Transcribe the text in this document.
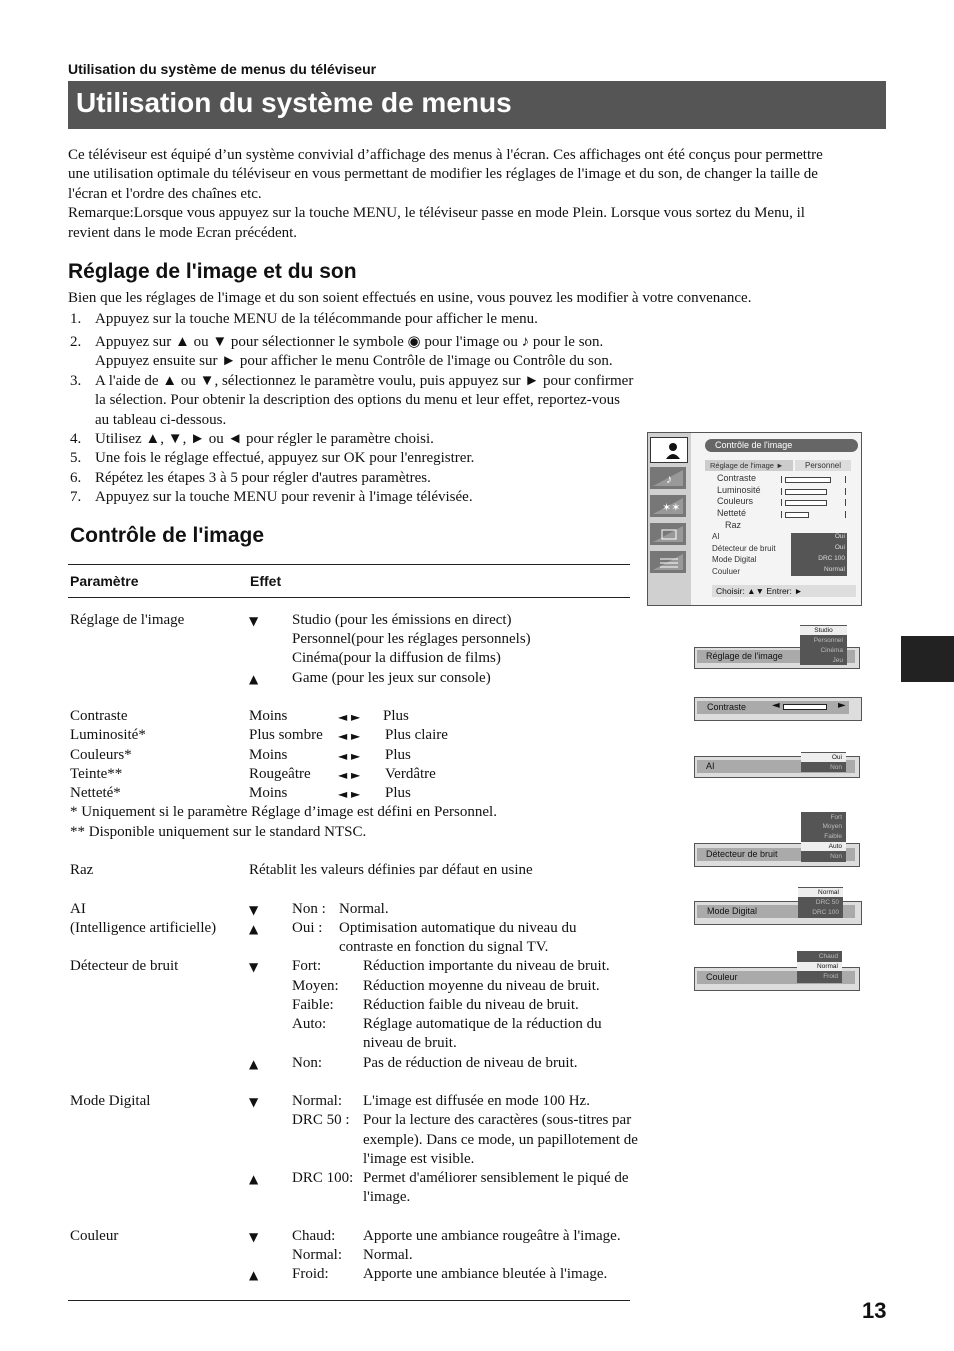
Utilisation du système de menus du téléviseur
Utilisation du système de menus
Ce téléviseur est équipé d’un système convivial d’affichage des menus à l'écran. Ces affichages ont été conçus pour permettre
une utilisation optimale du téléviseur en vous permettant de modifier les réglages de l'image et du son, de changer la taille de
l'écran et l'ordre des chaînes etc.
Remarque:Lorsque vous appuyez sur la touche MENU, le téléviseur passe en mode Plein. Lorsque vous sortez du Menu, il
revient dans le mode Ecran précédent.
Réglage de l'image et du son
Bien que les réglages de l'image et du son soient effectués en usine, vous pouvez les modifier à votre convenance.
1. Appuyez sur la touche MENU de la télécommande pour afficher le menu.
2. Appuyez sur ▲ ou ▼ pour sélectionner le symbole ◉ pour l'image ou ♪ pour le son.
Appuyez ensuite sur ► pour afficher le menu Contrôle de l'image ou Contrôle du son.
3. A l'aide de ▲ ou ▼, sélectionnez le paramètre voulu, puis appuyez sur ► pour confirmer
la sélection. Pour obtenir la description des options du menu et leur effet, reportez-vous
au tableau ci-dessous.
4. Utilisez ▲, ▼, ► ou ◄ pour régler le paramètre choisi.
5. Une fois le réglage effectué, appuyez sur OK pour l'enregistrer.
6. Répétez les étapes 3 à 5 pour régler d'autres paramètres.
7. Appuyez sur la touche MENU pour revenir à l'image télévisée.
Contrôle de l'image
Paramètre	Effet
Réglage de l'image	▼ Studio (pour les émissions en direct)
Personnel(pour les réglages personnels)
Cinéma(pour la diffusion de films)
▲ Game (pour les jeux sur console)
Contraste	Moins	◄ ► Plus
Luminosité*	Plus sombre ◄ ► Plus claire
Couleurs*	Moins	◄ ► Plus
Teinte**	Rougeâtre ◄ ► Verdâtre
Netteté*	Moins	◄ ► Plus
* Uniquement si le paramètre Réglage d’image est défini en Personnel.
** Disponible uniquement sur le standard NTSC.
Raz	Rétablit les valeurs définies par défaut en usine
AI
(Intelligence artificielle)
▼ Non : Normal.
▲ Oui : Optimisation automatique du niveau du
contraste en fonction du signal TV.
Détecteur de bruit	▼ Fort:	Réduction importante du niveau de bruit.
Moyen: Réduction moyenne du niveau de bruit.
Faible: Réduction faible du niveau de bruit.
Auto: Réglage automatique de la réduction du
niveau de bruit.
▲ Non:	Pas de réduction de niveau de bruit.
Mode Digital	▼ Normal: L'image est diffusée en mode 100 Hz.
DRC 50 : Pour la lecture des caractères (sous-titres par
exemple). Dans ce mode, un papillotement de
l'image est visible.
▲ DRC 100: Permet d'améliorer sensiblement le piqué de
l'image.
Couleur	▼ Chaud: Apporte une ambiance rougeâtre à l'image.
Normal: Normal.
▲ Froid: Apporte une ambiance bleutée à l'image.
13
♪
✶✶
Contrôle de l'image
Réglage de l'image ►	Personnel
Contraste
Luminosité
Couleurs
Netteté
Raz
AI
Détecteur de bruit
Mode Digital
Couluer
Oui
Oui
DRC 100
Normal
Choisir: ▲▼ Entrer: ►
Réglage de l'image
Studio
Personnel
Cinéma
Jeu
Contraste	◄	►
AI
Oui
Non
Détecteur de bruit
Fort
Moyen
Faible
Auto
Non
Mode Digital
Normal
DRC 50
DRC 100
Couleur
Chaud
Normal
Froid
